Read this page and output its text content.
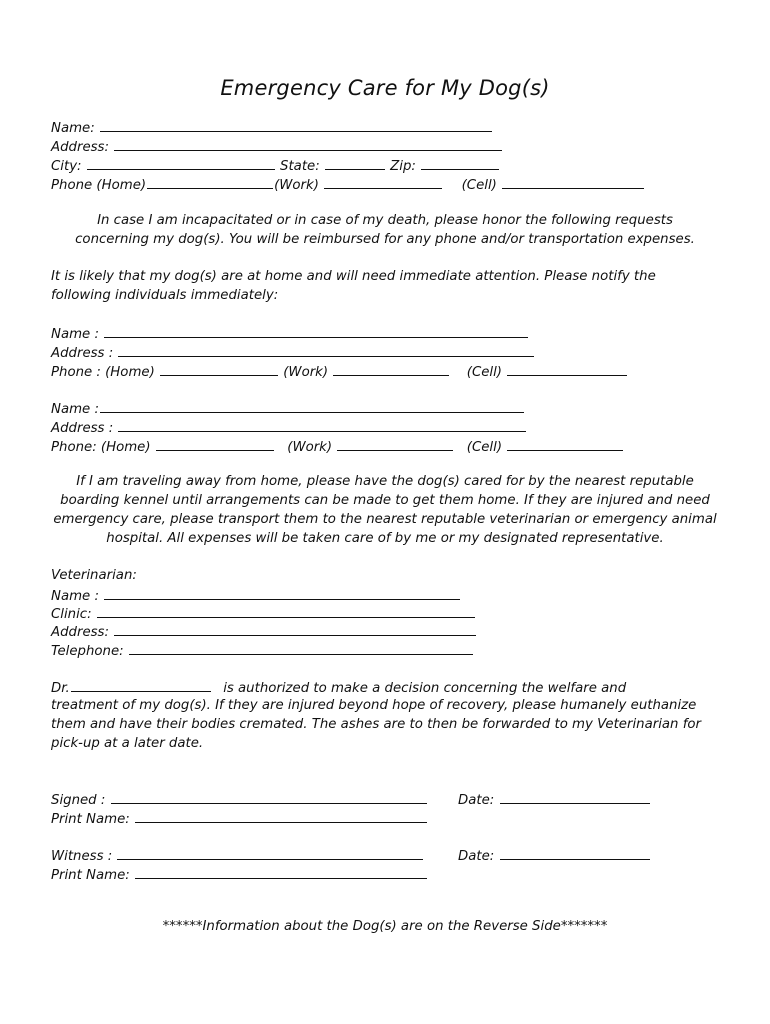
Emergency Care for My Dog(s)
Name:
Address:
City:	State:	Zip:
Phone (Home)	(Work)	(Cell)
In case I am incapacitated or in case of my death, please honor the following requests
concerning my dog(s). You will be reimbursed for any phone and/or transportation expenses.
It is likely that my dog(s) are at home and will need immediate attention. Please notify the
following individuals immediately:
Name :
Address :
Phone : (Home)	(Work)	(Cell)
Name :
Address :
Phone: (Home)	(Work)	(Cell)
If I am traveling away from home, please have the dog(s) cared for by the nearest reputable
boarding kennel until arrangements can be made to get them home. If they are injured and need
emergency care, please transport them to the nearest reputable veterinarian or emergency animal
hospital. All expenses will be taken care of by me or my designated representative.
Veterinarian:
Name :
Clinic:
Address:
Telephone:
Dr.	is authorized to make a decision concerning the welfare and
treatment of my dog(s). If they are injured beyond hope of recovery, please humanely euthanize
them and have their bodies cremated. The ashes are to then be forwarded to my Veterinarian for
pick-up at a later date.
Signed :	Date:
Print Name:
Witness :	Date:
Print Name:
******Information about the Dog(s) are on the Reverse Side*******
